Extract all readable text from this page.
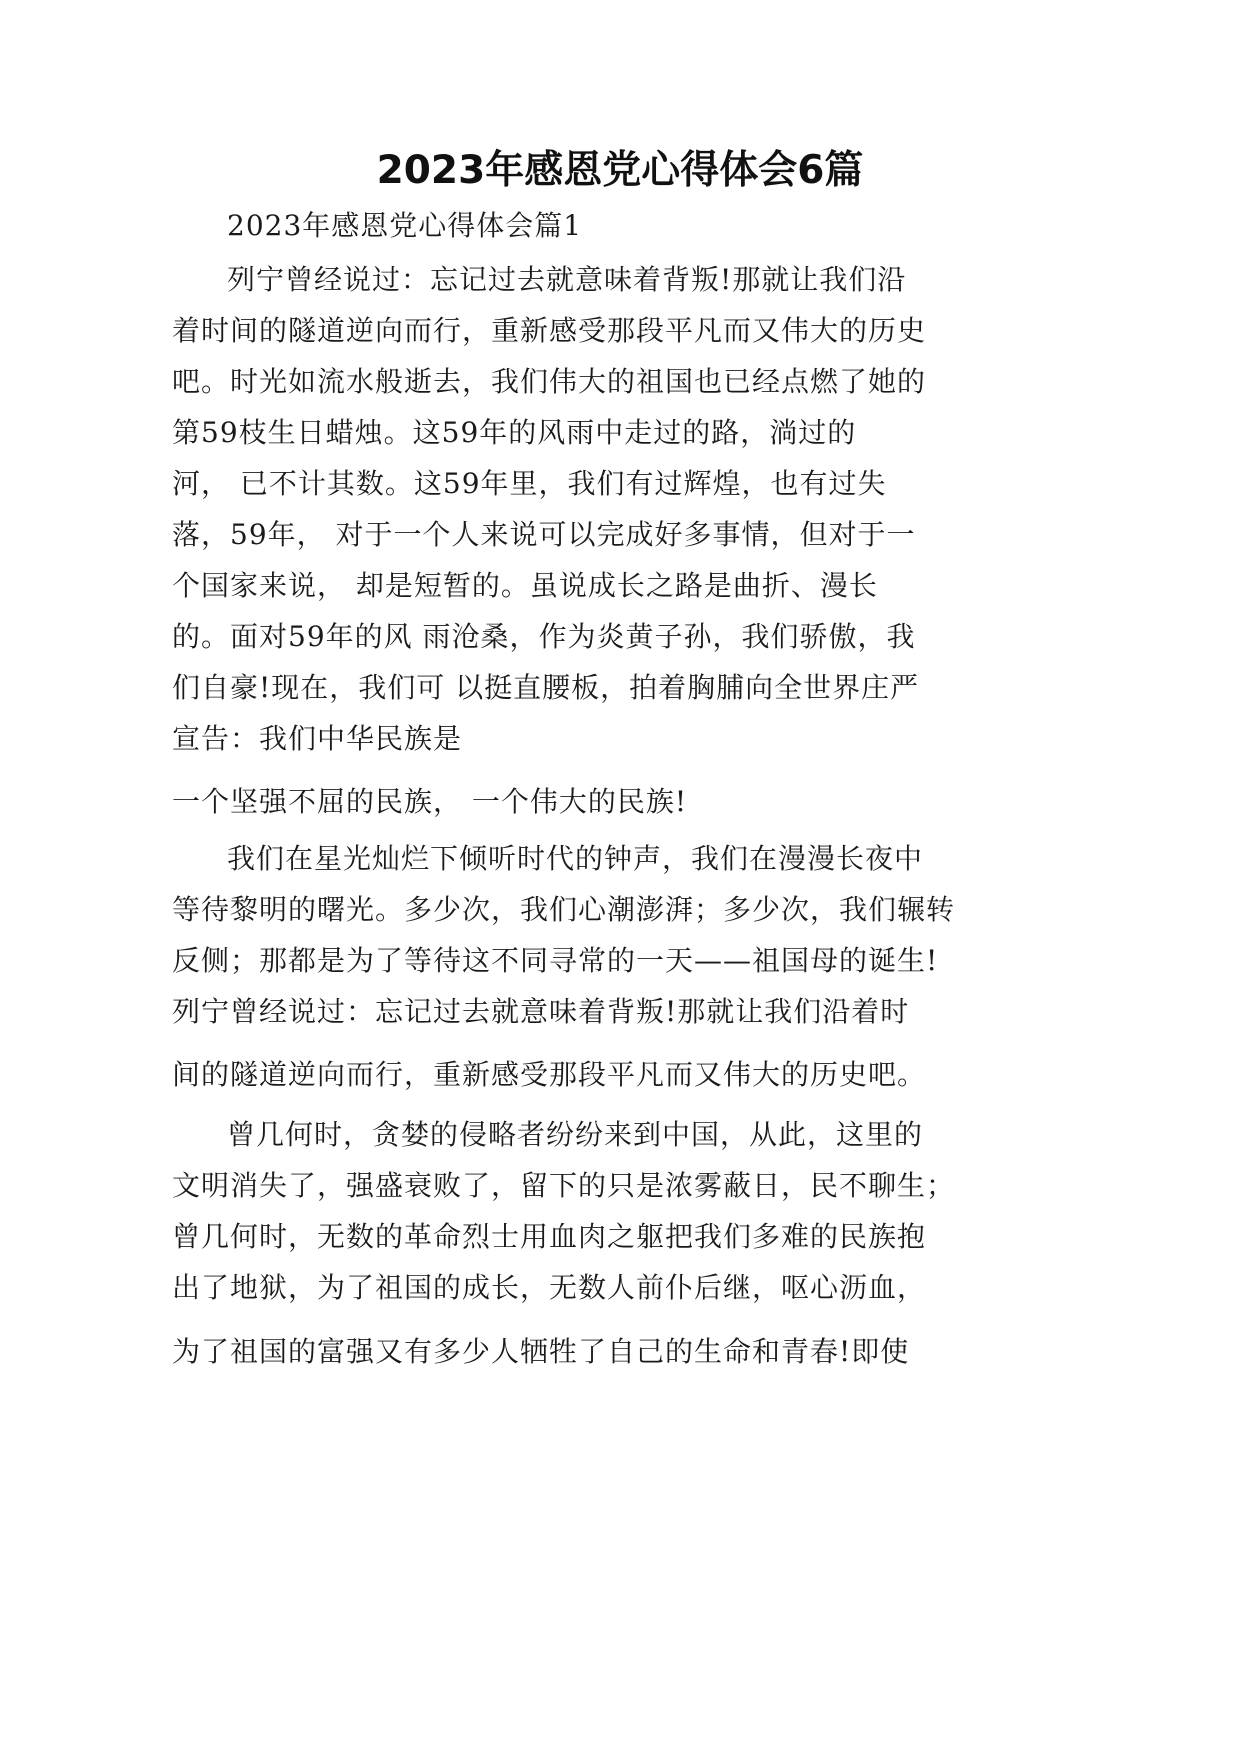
2023年感恩党心得体会6篇

2023年感恩党心得体会篇1

列宁曾经说过：忘记过去就意味着背叛!那就让我们沿

着时间的隧道逆向而行，重新感受那段平凡而又伟大的历史

吧。时光如流水般逝去，我们伟大的祖国也已经点燃了她的

第59枝生日蜡烛。这59年的风雨中走过的路，淌过的

河， 已不计其数。这59年里，我们有过辉煌，也有过失

落，59年， 对于一个人来说可以完成好多事情，但对于一

个国家来说， 却是短暂的。虽说成长之路是曲折、漫长

的。面对59年的风 雨沧桑，作为炎黄子孙，我们骄傲，我

们自豪!现在，我们可 以挺直腰板，拍着胸脯向全世界庄严

宣告：我们中华民族是

一个坚强不屈的民族， 一个伟大的民族!

我们在星光灿烂下倾听时代的钟声，我们在漫漫长夜中

等待黎明的曙光。多少次，我们心潮澎湃；多少次，我们辗转

反侧；那都是为了等待这不同寻常的一天——祖国母的诞生!

列宁曾经说过：忘记过去就意味着背叛!那就让我们沿着时

间的隧道逆向而行，重新感受那段平凡而又伟大的历史吧。

曾几何时，贪婪的侵略者纷纷来到中国，从此，这里的

文明消失了，强盛衰败了，留下的只是浓雾蔽日，民不聊生；

曾几何时，无数的革命烈士用血肉之躯把我们多难的民族抱

出了地狱，为了祖国的成长，无数人前仆后继，呕心沥血，

为了祖国的富强又有多少人牺牲了自己的生命和青春!即使
